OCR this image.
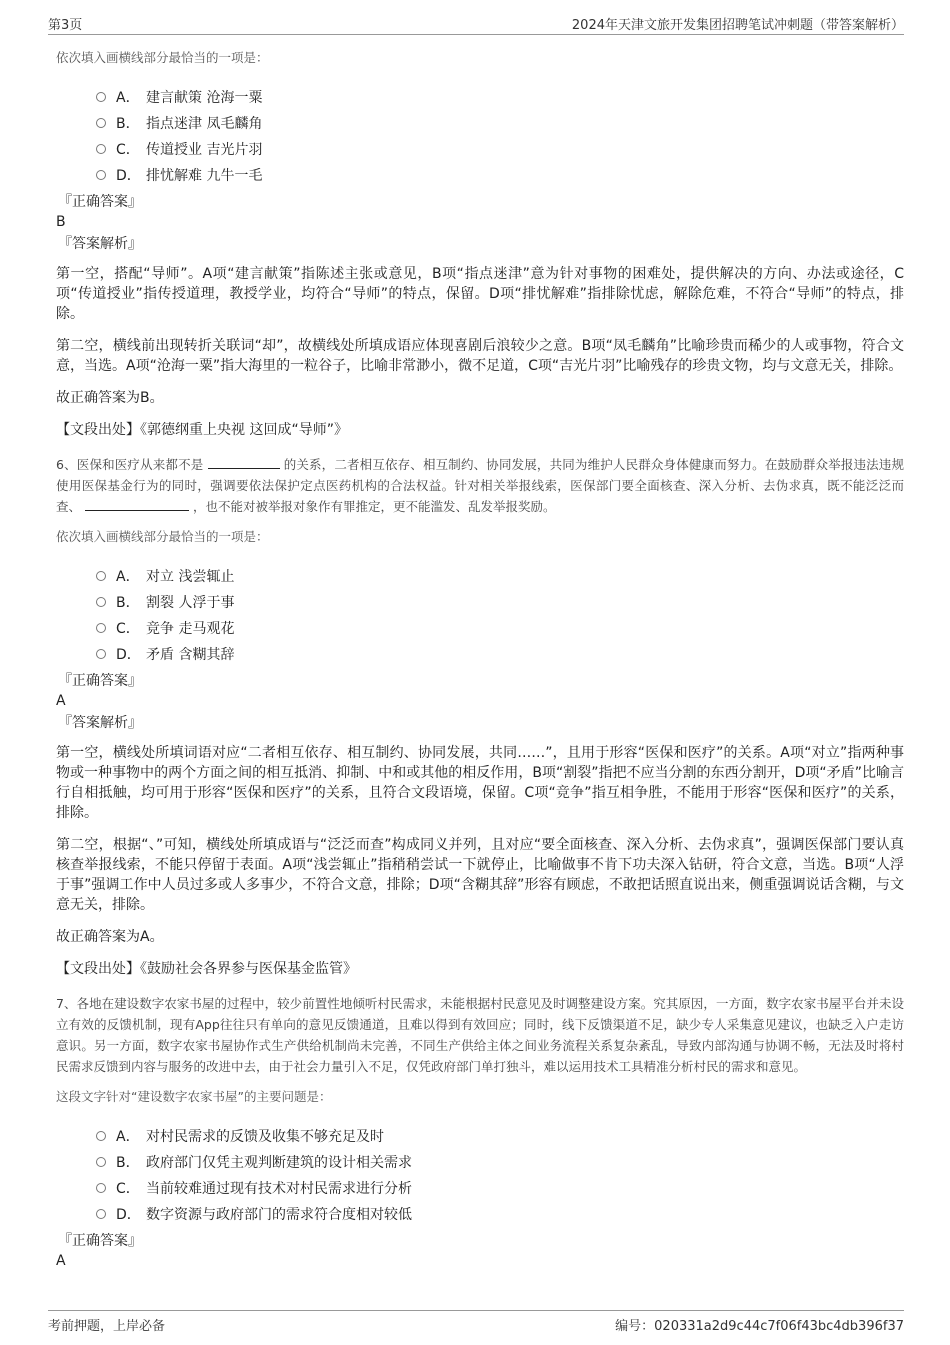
第3页	2024年天津文旅开发集团招聘笔试冲刺题（带答案解析）
依次填入画横线部分最恰当的一项是：
A． 建言献策 沧海一粟
B． 指点迷津 凤毛麟角
C． 传道授业 吉光片羽
D． 排忧解难 九牛一毛
『正确答案』
B
『答案解析』

第一空，搭配“导师”。A项“建言献策”指陈述主张或意见，B项“指点迷津”意为针对事物的困难处，提供解决的方向、办法或途径，C项“传道授业”指传授道理，教授学业，均符合“导师”的特点，保留。D项“排忧解难”指排除忧虑，解除危难，不符合“导师”的特点，排除。

第二空，横线前出现转折关联词“却”，故横线处所填成语应体现喜剧后浪较少之意。B项“凤毛麟角”比喻珍贵而稀少的人或事物，符合文意，当选。A项“沧海一粟”指大海里的一粒谷子，比喻非常渺小，微不足道，C项“吉光片羽”比喻残存的珍贵文物，均与文意无关，排除。

故正确答案为B。

【文段出处】《郭德纲重上央视 这回成“导师”》
6、医保和医疗从来都不是	的关系，二者相互依存、相互制约、协同发展，共同为维护人民群众身体健康而努力。在鼓励群众举报违法违规使用医保基金行为的同时，强调要依法保护定点医药机构的合法权益。针对相关举报线索，医保部门要全面核查、深入分析、去伪求真，既不能泛泛而查、	，也不能对被举报对象作有罪推定，更不能滥发、乱发举报奖励。
依次填入画横线部分最恰当的一项是：
A． 对立 浅尝辄止
B． 割裂 人浮于事
C． 竞争 走马观花
D． 矛盾 含糊其辞
『正确答案』
A
『答案解析』

第一空，横线处所填词语对应“二者相互依存、相互制约、协同发展，共同……”，且用于形容“医保和医疗”的关系。A项“对立”指两种事物或一种事物中的两个方面之间的相互抵消、抑制、中和或其他的相反作用，B项“割裂”指把不应当分割的东西分割开，D项“矛盾”比喻言行自相抵触，均可用于形容“医保和医疗”的关系，且符合文段语境，保留。C项“竞争”指互相争胜，不能用于形容“医保和医疗”的关系，排除。

第二空，根据“、”可知，横线处所填成语与“泛泛而查”构成同义并列，且对应“要全面核查、深入分析、去伪求真”，强调医保部门要认真核查举报线索，不能只停留于表面。A项“浅尝辄止”指稍稍尝试一下就停止，比喻做事不肯下功夫深入钻研，符合文意，当选。B项“人浮于事”强调工作中人员过多或人多事少，不符合文意，排除；D项“含糊其辞”形容有顾虑，不敢把话照直说出来，侧重强调说话含糊，与文意无关，排除。

故正确答案为A。

【文段出处】《鼓励社会各界参与医保基金监管》
7、各地在建设数字农家书屋的过程中，较少前置性地倾听村民需求，未能根据村民意见及时调整建设方案。究其原因，一方面，数字农家书屋平台并未设立有效的反馈机制，现有App往往只有单向的意见反馈通道，且难以得到有效回应；同时，线下反馈渠道不足，缺少专人采集意见建议，也缺乏入户走访意识。另一方面，数字农家书屋协作式生产供给机制尚未完善，不同生产供给主体之间业务流程关系复杂紊乱，导致内部沟通与协调不畅，无法及时将村民需求反馈到内容与服务的改进中去，由于社会力量引入不足，仅凭政府部门单打独斗，难以运用技术工具精准分析村民的需求和意见。
这段文字针对“建设数字农家书屋”的主要问题是：
A． 对村民需求的反馈及收集不够充足及时
B． 政府部门仅凭主观判断建筑的设计相关需求
C． 当前较难通过现有技术对村民需求进行分析
D． 数字资源与政府部门的需求符合度相对较低
『正确答案』
A
考前押题，上岸必备	编号：020331a2d9c44c7f06f43bc4db396f37
